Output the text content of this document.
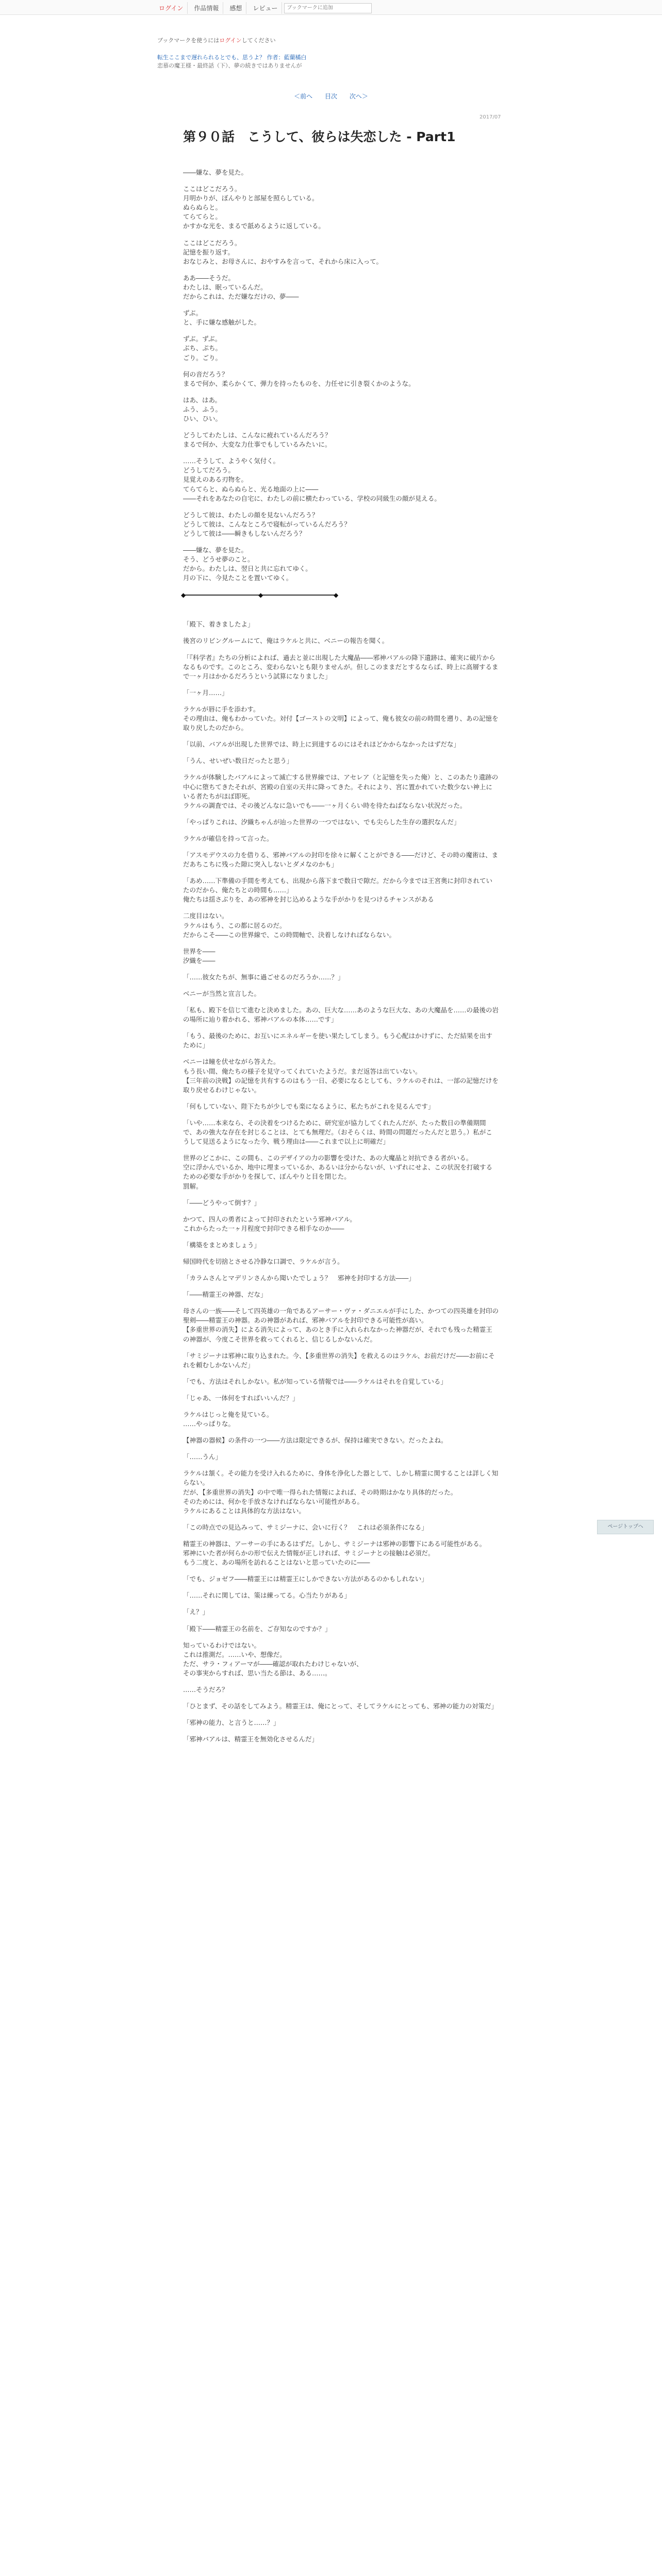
ログイン	作品情報	感想	レビュー
ブックマークに追加
ブックマークを使うにはログインしてください
転生ここまで遅れられるとでも、思うよ？ 作者：藍蘭橘白
恋慕の魔王様・最終話（下）、夢の続きではありませんが
＜前へ 目次 次へ＞
2017/07
第９０話　こうして、彼らは失恋した - Part1
――嫌な、夢を見た。
ここはどこだろう。
月明かりが、ぼんやりと部屋を照らしている。
ぬらぬらと。
てらてらと。
かすかな光を、まるで舐めるように返している。
ここはどこだろう。
記憶を振り返す。
おなじみと、お母さんに、おやすみを言って、それから床に入って。
ああ――そうだ。
わたしは、眠っているんだ。
だからこれは、ただ嫌なだけの、夢――
ずぶ。
と、手に嫌な感触がした。
ずぶ。ずぶ。
ぶち、ぷち。
ごり。ごり。
何の音だろう？
まるで何か、柔らかくて、弾力を持ったものを、力任せに引き裂くかのような。
はあ、はあ。
ふう、ふう。
ひい、ひい。
どうしてわたしは、こんなに疲れているんだろう？
まるで何か、大変な力仕事でもしているみたいに。
……そうして、ようやく気付く。
どうしてだろう。
見覚えのある刃物を。
てらてらと、ぬらぬらと、光る地面の上に――
――それをあなたの自宅に、わたしの前に横たわっている、学校の同級生の顔が見える。
どうして彼は、わたしの顔を見ないんだろう？
どうして彼は、こんなところで寝転がっているんだろう？
どうして彼は――瞬きもしないんだろう？
――嫌な、夢を見た。
そう、どうせ夢のこと。
だから。わたしは、翌日と共に忘れてゆく。
月の下に、今見たことを置いてゆく。
◆	◆	◆
「殿下、着きましたよ」
後宮のリビングルームにて、俺はラケルと共に、ベニーの報告を聞く。
「『科学者』たちの分析によれば、過去と並に出現した大魔晶――邪神バアルの降下遺跡は、確実に破片からなるものです。このところ、変わらないとも限りませんが。但しこのままだとするならば、時上に高層するまで一ヶ月はかかるだろうという試算になりました」
「一ヶ月……」
ラケルが唇に手を添わす。
その理由は、俺もわかっていた。対付【ゴーストの文明】によって、俺も彼女の前の時間を遡り、あの記憶を取り戻したのだから。
「以前、バアルが出現した世界では、時上に到達するのにはそれほどかからなかったはずだな」
「うん、せいぜい数日だったと思う」
ラケルが体験したバアルによって滅亡する世界線では、アセレア（と記憶を失った俺）と、このあたり遺跡の中心に堕ちてきたそれが、宮殿の自室の天井に降ってきた。それにより、宮に置かれていた数少ない神上にいる者たちがほぼ即死。
ラケルの調査では、その後どんなに急いでも――一ヶ月くらい時を待たねばならない状況だった。
「やっぱりこれは、汐織ちゃんが辿った世界の一つではない、でも尖らした生存の選択なんだ」
ラケルが確信を持って言った。
「アスモデウスの力を借りる、邪神バアルの封印を徐々に解くことができる――だけど、その時の魔術は、まだあちこちに残った隙に突入しないとダメなのかも」
「あめ……下準備の手間を考えても、出現から落下まで数日で隙だ。だから今までは王宮奥に封印されていたのだから、俺たちとの時間も……」
俺たちは揺さぶりを、あの邪神を封じ込めるような手がかりを見つけるチャンスがある
二度目はない。
ラケルはもう、この都に居るのだ。
だからこそ――この世界線で、この時間軸で、決着しなければならない。
世界を――
汐織を――
「……彼女たちが、無事に過ごせるのだろうか……？」
ベニーが当然と宣言した。
「私も、殿下を信じて進むと決めました。あの、巨大な……あのような巨大な、あの大魔晶を……の最後の岩の場所に辿り着かれる、邪神バアルの本体……です」
「もう、最後のために、お互いにエネルギーを使い果たしてしまう。もう心配はかけずに、ただ結果を出すために」
ベニーは瞳を伏せながら答えた。
もう長い間、俺たちの様子を見守ってくれていたようだ。まだ返答は出ていない。
【三年前の決戦】の記憶を共有するのはもう一日、必要になるとしても、ラケルのそれは、一部の記憶だけを取り戻せるわけじゃない。
「何もしていない、陛下たちが少しでも楽になるように、私たちがこれを見るんです」
「いや……本来なら、その決着をつけるために、研究室が協力してくれたんだが、たった数日の準備期間で、あの強大な存在を封じることは、とても無理だ。（おそらくは、時間の問題だったんだと思う。）私がこうして見送るようになった今、戦う理由は――これまで以上に明確だ」
世界のどこかに、この間も、このデザイアの力の影響を受けた、あの大魔晶と対抗できる者がいる。
空に浮かんでいるか、地中に埋まっているか、あるいは分からないが、いずれにせよ、この状況を打破するための必要な手がかりを探して、ぼんやりと目を閉じた。
罰解。
「――どうやって倒す？」
かつて、四人の勇者によって封印されたという邪神バアル。
これからたった一ヶ月程度で封印できる相手なのか――
「構築をまとめましょう」
帰国時代を切捨とさせる冷静な口調で、ラケルが言う。
「カラムさんとマデリンさんから聞いたでしょう？　邪神を封印する方法――」
「――精霊王の神器、だな」
母さんの一族――そして四英雄の一角であるアーサー・ヴァ・ダニエルが手にした、かつての四英雄を封印の聖剣――精霊王の神器。あの神器があれば、邪神バアルを封印できる可能性が高い。
【多重世界の消失】による消失によって、あのとき手に入れられなかった神器だが、それでも残った精霊王の神器が、今度こそ世界を救ってくれると、信じるしかないんだ。
「サミジーナは邪神に取り込まれた。今、【多重世界の消失】を救えるのはラケル、お前だけだ――お前にそれを頼むしかないんだ」
「でも、方法はそれしかない。私が知っている情報では――ラケルはそれを自覚している」
「じゃあ、一体何をすればいいんだ？」
ラケルはじっと俺を見ている。
……やっぱりな。
【神器の器候】の条件の一つ――方法は限定できるが、保持は確実できない。だったよね。
「……うん」
ラケルは頷く。その能力を受け入れるために、身体を浄化した器として、しかし精霊に関することは詳しく知らない。
だが、【多重世界の消失】の中で唯一得られた情報によれば、その時期はかなり具体的だった。
そのためには、何かを手放さなければならない可能性がある。
ラケルにあることは具体的な方法はない。
「この時点での見込みって、サミジーナに、会いに行く？　これは必須条件になる」
精霊王の神器は、アーサーの手にあるはずだ。しかし、サミジーナは邪神の影響下にある可能性がある。
邪神にいた者が何らかの形で伝えた情報が正しければ、サミジーナとの接触は必須だ。
もう二度と、あの場所を訪れることはないと思っていたのに――
「でも、ジョゼフ――精霊王には精霊王にしかできない方法があるのかもしれない」
「……それに関しては、策は練ってる。心当たりがある」
「え？」
「殿下――精霊王の名前を、ご存知なのですか？」
知っているわけではない。
これは推測だ。……いや、想像だ。
ただ、サラ・フィアーマが――確認が取れたわけじゃないが、
その事実からすれば、思い当たる節は、ある……。
……そうだろ？
「ひとまず、その話をしてみよう。精霊王は、俺にとって、そしてラケルにとっても、邪神の能力の対策だ」
「邪神の能力、と言うと……？」
「邪神バアルは、精霊王を無効化させるんだ」
ページトップへ
